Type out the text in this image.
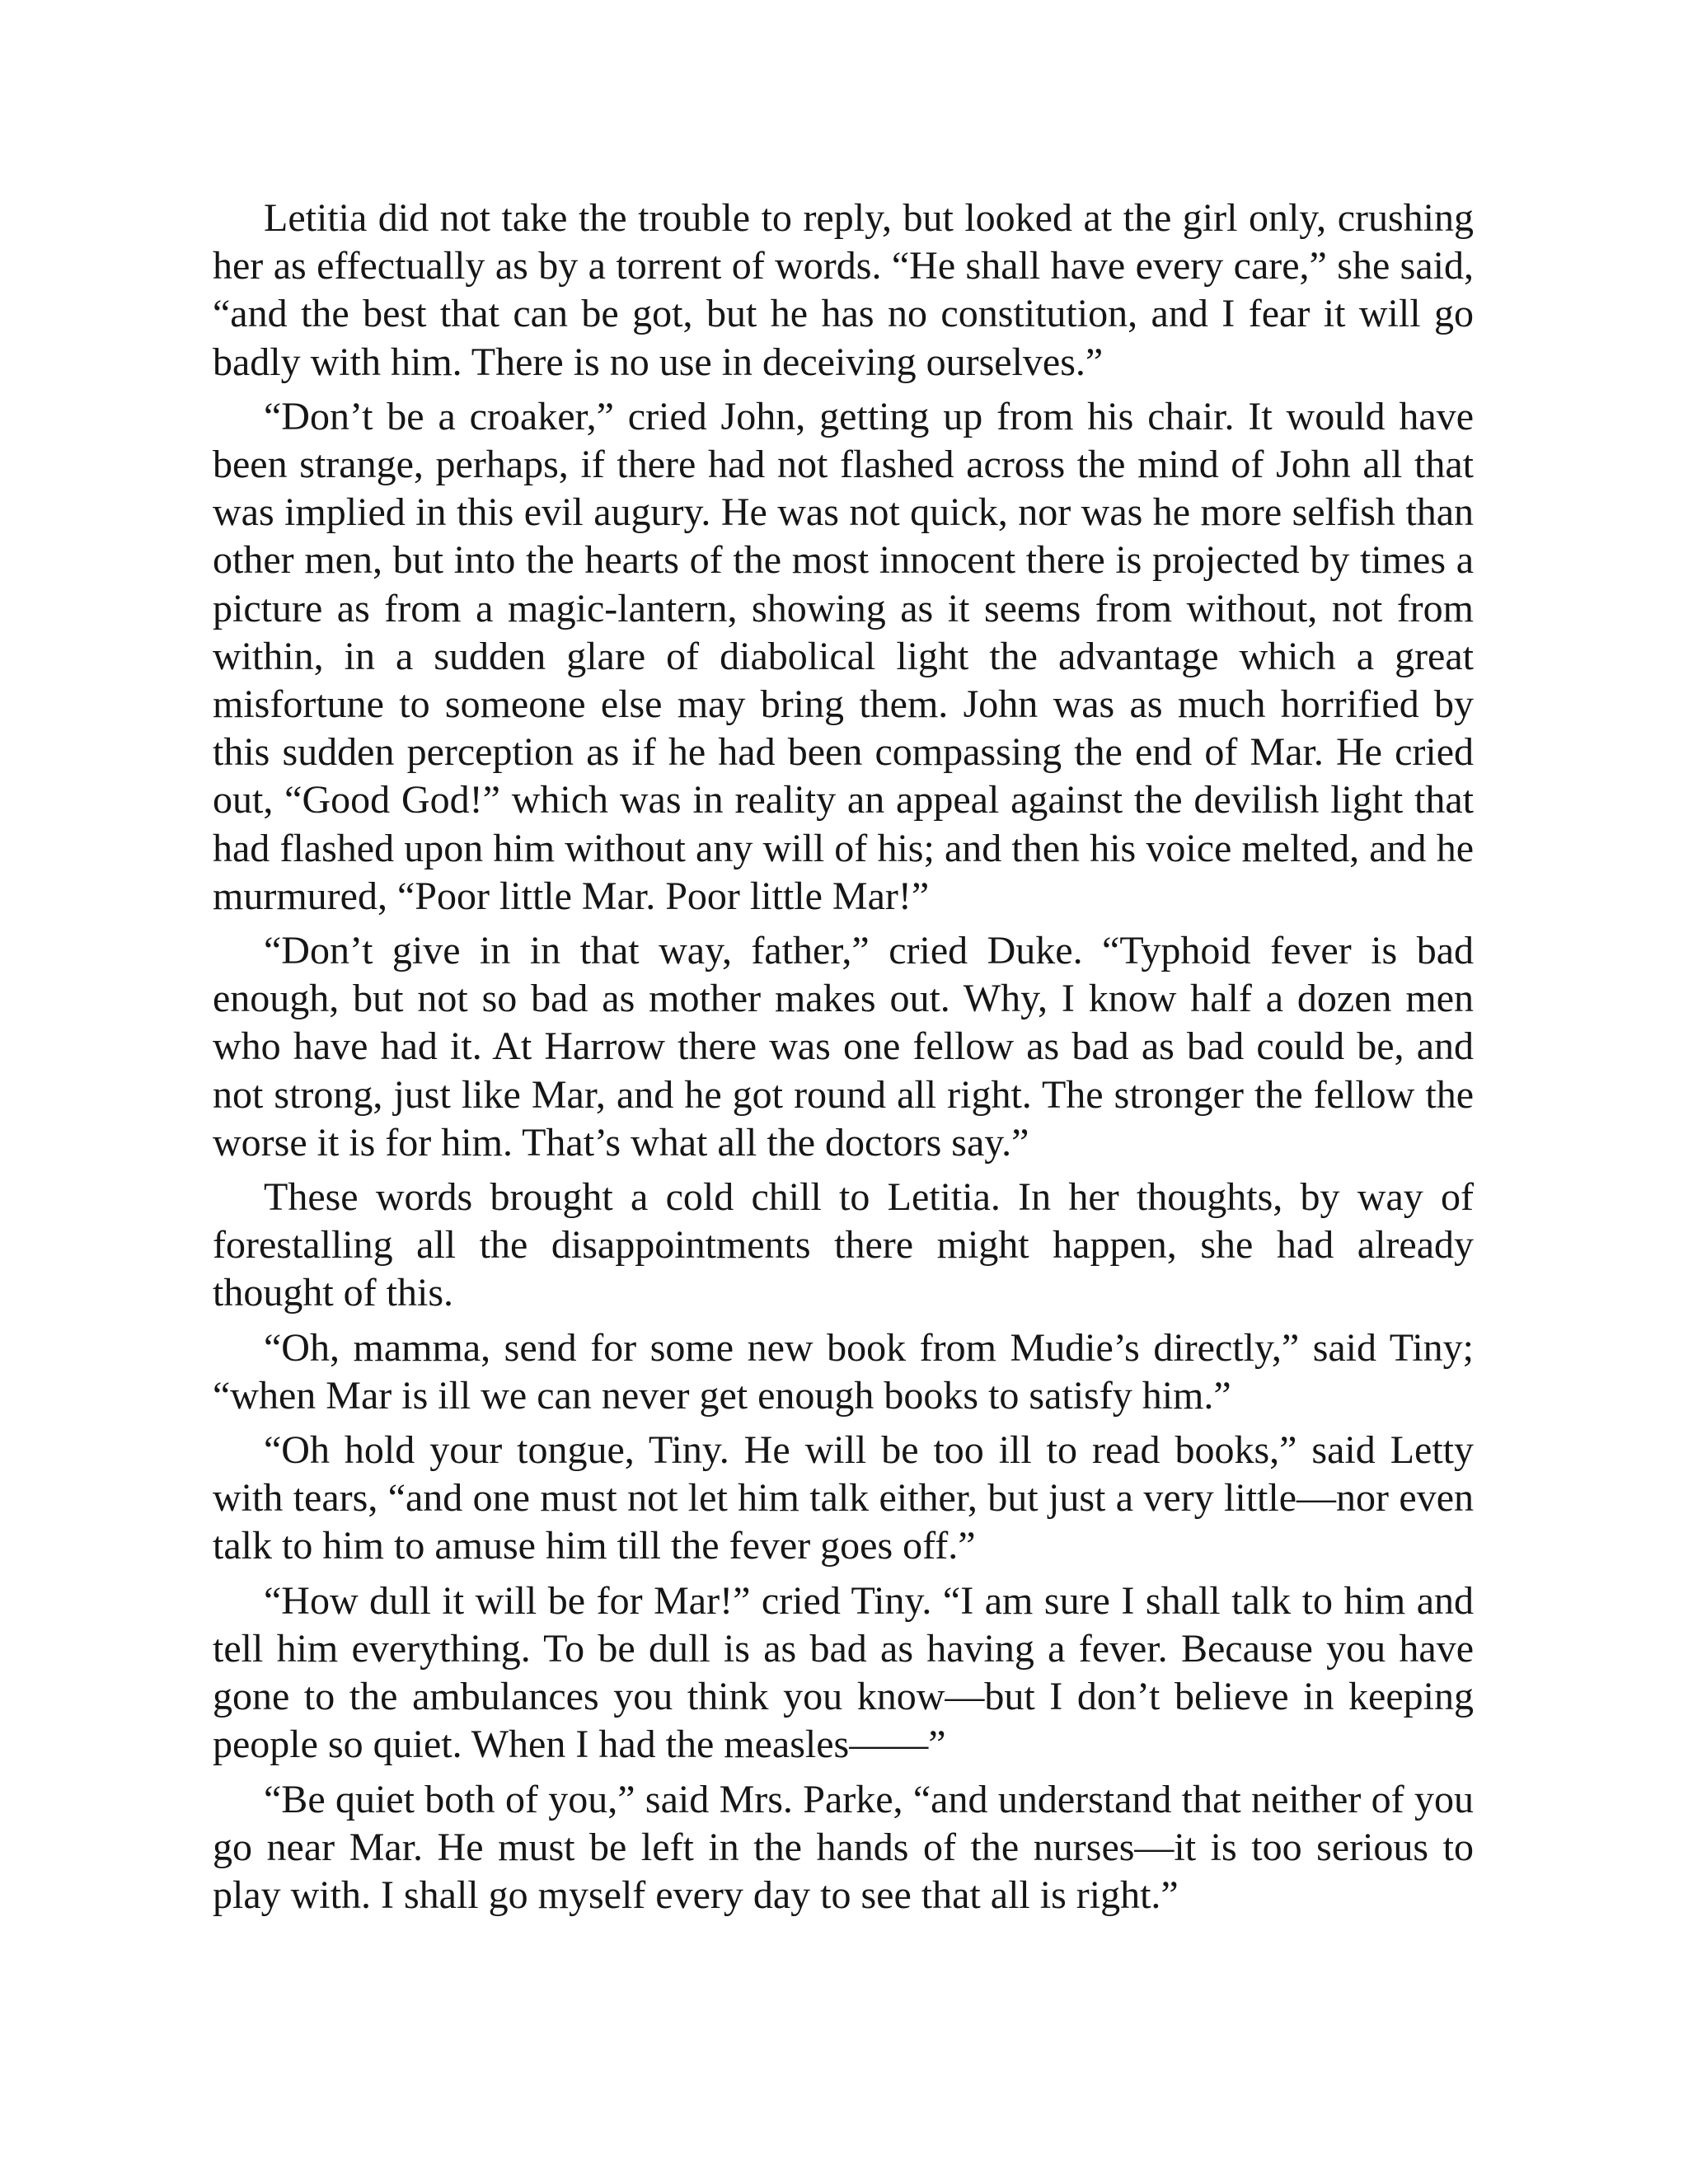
Letitia did not take the trouble to reply, but looked at the girl only, crushing her as effectually as by a torrent of words. “He shall have every care,” she said, “and the best that can be got, but he has no constitution, and I fear it will go badly with him. There is no use in deceiving ourselves.”

“Don’t be a croaker,” cried John, getting up from his chair. It would have been strange, perhaps, if there had not flashed across the mind of John all that was implied in this evil augury. He was not quick, nor was he more selfish than other men, but into the hearts of the most innocent there is projected by times a picture as from a magic-lantern, showing as it seems from without, not from within, in a sudden glare of diabolical light the advantage which a great misfortune to someone else may bring them. John was as much horrified by this sudden perception as if he had been compassing the end of Mar. He cried out, “Good God!” which was in reality an appeal against the devilish light that had flashed upon him without any will of his; and then his voice melted, and he murmured, “Poor little Mar. Poor little Mar!”

“Don’t give in in that way, father,” cried Duke. “Typhoid fever is bad enough, but not so bad as mother makes out. Why, I know half a dozen men who have had it. At Harrow there was one fellow as bad as bad could be, and not strong, just like Mar, and he got round all right. The stronger the fellow the worse it is for him. That’s what all the doctors say.”

These words brought a cold chill to Letitia. In her thoughts, by way of forestalling all the disappointments there might happen, she had already thought of this.

“Oh, mamma, send for some new book from Mudie’s directly,” said Tiny; “when Mar is ill we can never get enough books to satisfy him.”

“Oh hold your tongue, Tiny. He will be too ill to read books,” said Letty with tears, “and one must not let him talk either, but just a very little—nor even talk to him to amuse him till the fever goes off.”

“How dull it will be for Mar!” cried Tiny. “I am sure I shall talk to him and tell him everything. To be dull is as bad as having a fever. Because you have gone to the ambulances you think you know—but I don’t believe in keeping people so quiet. When I had the measles——”

“Be quiet both of you,” said Mrs. Parke, “and understand that neither of you go near Mar. He must be left in the hands of the nurses—it is too serious to play with. I shall go myself every day to see that all is right.”
